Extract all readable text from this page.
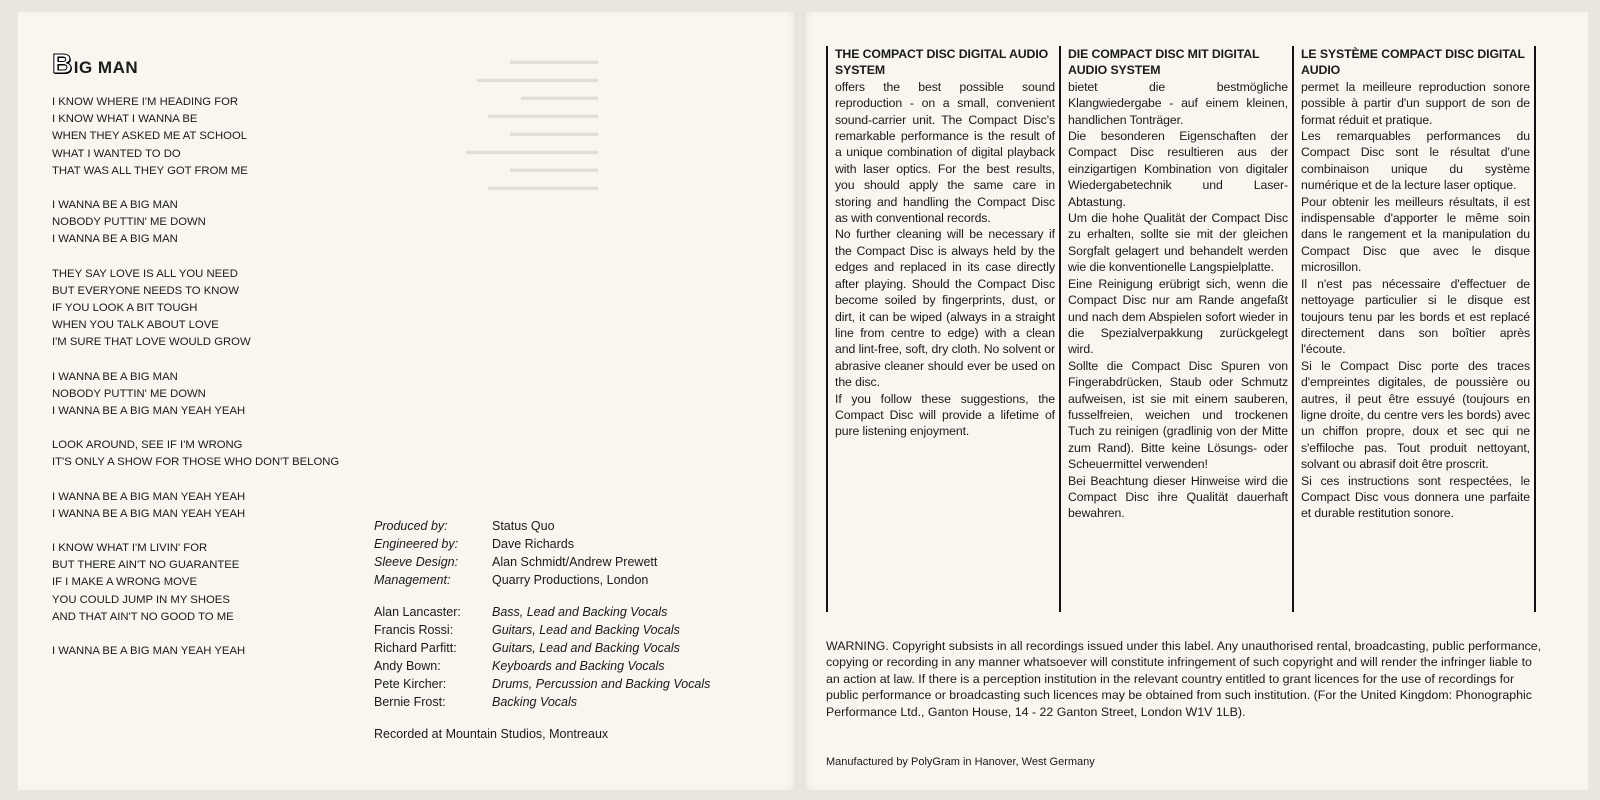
▬▬▬▬▬▬▬▬
▬▬▬▬▬▬▬▬▬▬▬
▬▬▬▬▬▬▬
▬▬▬▬▬▬▬▬▬▬
▬▬▬▬▬▬▬▬
▬▬▬▬▬▬▬▬▬▬▬▬
▬▬▬▬▬▬▬▬
▬▬▬▬▬▬▬▬▬▬
BIG MAN
I KNOW WHERE I'M HEADING FOR
I KNOW WHAT I WANNA BE
WHEN THEY ASKED ME AT SCHOOL
WHAT I WANTED TO DO
THAT WAS ALL THEY GOT FROM ME
I WANNA BE A BIG MAN
NOBODY PUTTIN' ME DOWN
I WANNA BE A BIG MAN
THEY SAY LOVE IS ALL YOU NEED
BUT EVERYONE NEEDS TO KNOW
IF YOU LOOK A BIT TOUGH
WHEN YOU TALK ABOUT LOVE
I'M SURE THAT LOVE WOULD GROW
I WANNA BE A BIG MAN
NOBODY PUTTIN' ME DOWN
I WANNA BE A BIG MAN YEAH YEAH
LOOK AROUND, SEE IF I'M WRONG
IT'S ONLY A SHOW FOR THOSE WHO DON'T BELONG
I WANNA BE A BIG MAN YEAH YEAH
I WANNA BE A BIG MAN YEAH YEAH
I KNOW WHAT I'M LIVIN' FOR
BUT THERE AIN'T NO GUARANTEE
IF I MAKE A WRONG MOVE
YOU COULD JUMP IN MY SHOES
AND THAT AIN'T NO GOOD TO ME
I WANNA BE A BIG MAN YEAH YEAH
Produced by:	Status Quo
Engineered by:	Dave Richards
Sleeve Design:	Alan Schmidt/Andrew Prewett
Management:	Quarry Productions, London
Alan Lancaster:	Bass, Lead and Backing Vocals
Francis Rossi:	Guitars, Lead and Backing Vocals
Richard Parfitt:	Guitars, Lead and Backing Vocals
Andy Bown:	Keyboards and Backing Vocals
Pete Kircher:	Drums, Percussion and Backing Vocals
Bernie Frost:	Backing Vocals
Recorded at Mountain Studios, Montreaux
THE COMPACT DISC DIGITAL AUDIO SYSTEM

offers the best possible sound reproduction - on a small, convenient sound-carrier unit. The Compact Disc's remarkable performance is the result of a unique combination of digital playback with laser optics. For the best results, you should apply the same care in storing and handling the Compact Disc as with conventional records.

No further cleaning will be necessary if the Compact Disc is always held by the edges and replaced in its case directly after playing. Should the Compact Disc become soiled by fingerprints, dust, or dirt, it can be wiped (always in a straight line from centre to edge) with a clean and lint-free, soft, dry cloth. No solvent or abrasive cleaner should ever be used on the disc.

If you follow these suggestions, the Compact Disc will provide a lifetime of pure listening enjoyment.

DIE COMPACT DISC MIT DIGITAL AUDIO SYSTEM

bietet die bestmögliche Klangwiedergabe - auf einem kleinen, handlichen Tonträger.

Die besonderen Eigenschaften der Compact Disc resultieren aus der einzigartigen Kombination von digitaler Wiedergabetechnik und Laser-Abtastung.

Um die hohe Qualität der Compact Disc zu erhalten, sollte sie mit der gleichen Sorgfalt gelagert und behandelt werden wie die konventionelle Langspielplatte.

Eine Reinigung erübrigt sich, wenn die Compact Disc nur am Rande angefaßt und nach dem Abspielen sofort wieder in die Spezialverpakkung zurückgelegt wird.

Sollte die Compact Disc Spuren von Fingerabdrücken, Staub oder Schmutz aufweisen, ist sie mit einem sauberen, fusselfreien, weichen und trockenen Tuch zu reinigen (gradlinig von der Mitte zum Rand). Bitte keine Lösungs- oder Scheuermittel verwenden!

Bei Beachtung dieser Hinweise wird die Compact Disc ihre Qualität dauerhaft bewahren.

LE SYSTÈME COMPACT DISC DIGITAL AUDIO

permet la meilleure reproduction sonore possible à partir d'un support de son de format réduit et pratique.

Les remarquables performances du Compact Disc sont le résultat d'une combinaison unique du système numérique et de la lecture laser optique.

Pour obtenir les meilleurs résultats, il est indispensable d'apporter le même soin dans le rangement et la manipulation du Compact Disc que avec le disque microsillon.

Il n'est pas nécessaire d'effectuer de nettoyage particulier si le disque est toujours tenu par les bords et est replacé directement dans son boîtier après l'écoute.

Si le Compact Disc porte des traces d'empreintes digitales, de poussière ou autres, il peut être essuyé (toujours en ligne droite, du centre vers les bords) avec un chiffon propre, doux et sec qui ne s'effiloche pas. Tout produit nettoyant, solvant ou abrasif doit être proscrit.

Si ces instructions sont respectées, le Compact Disc vous donnera une parfaite et durable restitution sonore.

WARNING. Copyright subsists in all recordings issued under this label. Any unauthorised rental, broadcasting, public performance, copying or recording in any manner whatsoever will constitute infringement of such copyright and will render the infringer liable to an action at law. If there is a perception institution in the relevant country entitled to grant licences for the use of recordings for public performance or broadcasting such licences may be obtained from such institution. (For the United Kingdom: Phonographic Performance Ltd., Ganton House, 14 - 22 Ganton Street, London W1V 1LB).
Manufactured by PolyGram in Hanover, West Germany
